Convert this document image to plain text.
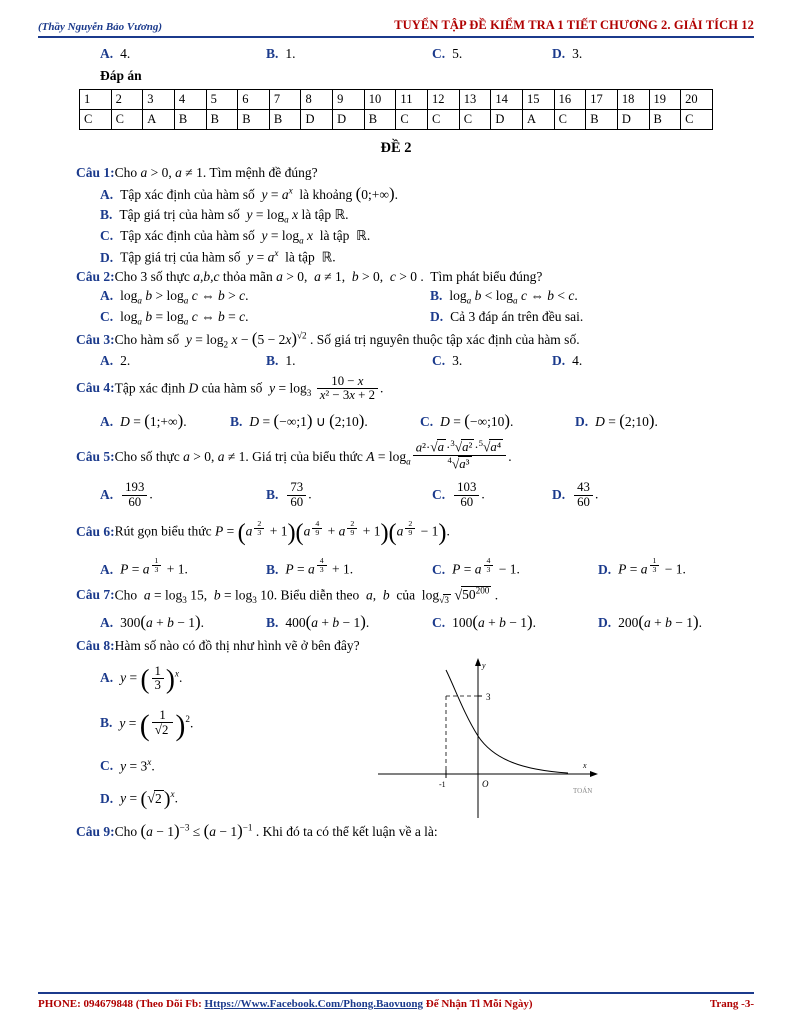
(Thầy Nguyễn Bảo Vương)	TUYỂN TẬP ĐỀ KIỂM TRA 1 TIẾT CHƯƠNG 2. GIẢI TÍCH 12
A. 4.	B. 1.	C. 5.	D. 3.
Đáp án
1	2	3	4	5	6	7	8	9	10	11	12	13	14	15	16	17	18	19	20
C	C	A	B	B	B	B	D	D	B	C	C	C	D	A	C	B	D	B	C
ĐỀ 2
Câu 1: Cho a > 0, a ≠ 1. Tìm mệnh đề đúng?
A. Tập xác định của hàm số  $y = a^x$  là khoảng (0;+∞).
B. Tập giá trị của hàm số  $y = \log_a x$ là tập ℝ.
C. Tập xác định của hàm số  $y = \log_a x$  là tập  ℝ.
D. Tập giá trị của hàm số  $y = a^x$  là tập  ℝ.
Câu 2: Cho 3 số thực a,b,c thỏa mãn a > 0,  a ≠ 1,  b > 0,  c > 0 .  Tìm phát biểu đúng?
A. $\log_a b > \log_a c$ ⇔ b > c.	B. $\log_a b < \log_a c$ ⇔ b < c.
C. $\log_a b = \log_a c$ ⇔ b = c.	D. Cả 3 đáp án trên đều sai.
Câu 3: Cho hàm số  $y = \log_2 x - (5 - 2x)^{√2}$ . Số giá trị nguyên thuộc tập xác định của hàm số.
A. 2.	B. 1.	C. 3.	D. 4.
Câu 4: Tập xác định D của hàm số  $y = \log_3 \frac{10 - x}{\text{x² − 3x + 2}}$ .
A. D = (1;+∞).	B. D = (−∞;1) ∪ (2;10).	C. D = (−∞;10).	D. D = (2;10).
Câu 5: Cho số thực a > 0, a ≠ 1. Giá trị của biểu thức $A = \log_a \frac{a^2\cdot√a \cdot^3√a^2 \cdot^5√a^4}{^4√a^3}$ .
A. $\frac{193}{60}$ .	B. $\frac{73}{60}$ .	C. $\frac{103}{60}$ .	D. $\frac{43}{60}$ .
Câu 6: Rút gọn biểu thức P = (a $^{\frac{2}{3}}$ + 1)(a $^{\frac{4}{9}}$ + a $^{\frac{2}{9}}$ + 1)(a $^{\frac{2}{9}}$ − 1).
A. P = a $^{\frac{1}{3}}$ + 1.	B. P = a $^{\frac{4}{3}}$ + 1.	C. P = a $^{\frac{4}{3}}$ − 1.	D. P = a $^{\frac{1}{3}}$ − 1.
Câu 7: Cho  $a = \log_3 15$,  $b = \log_3 10$. Biểu diễn theo  a,  b  của  $\log_{√3} √50^{200}$ .
A. 300(a + b − 1).	B. 400(a + b − 1).	C. 100(a + b − 1).	D. 200(a + b − 1).
Câu 8: Hàm số nào có đồ thị như hình vẽ ở bên đây?
A. y = ( $\frac{1}{3} )^x$.
B. y = ( $\frac{1}{√2} )^2$.
C. $y = 3^x$.
D. $y = (√2)^x$.
3
-1	O
x
y
TOÁN
Câu 9: Cho $(a - 1)^{-3} \le (a - 1)^{-1}$ . Khi đó ta có thể kết luận về a là:
PHONE: 094679848 (Theo Dõi Fb: Https://Www.Facebook.Com/Phong.Baovuong Để Nhận Tl Mỗi Ngày)	Trang -3-
